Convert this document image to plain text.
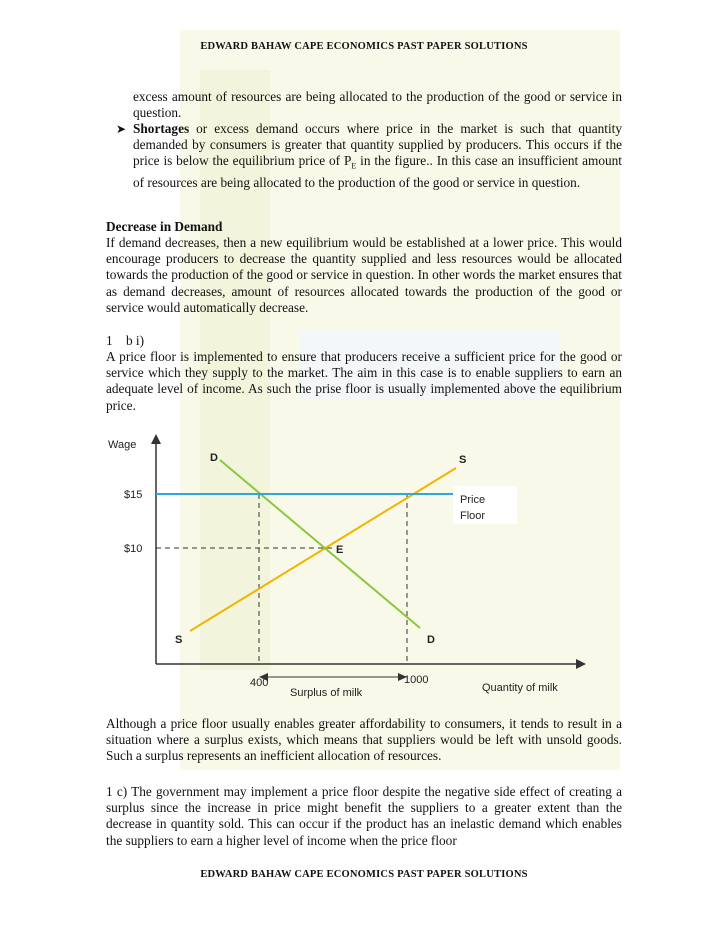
EDWARD BAHAW CAPE ECONOMICS PAST PAPER SOLUTIONS
excess amount of resources are being allocated to the production of the good or service in question.
➤ Shortages or excess demand occurs where price in the market is such that quantity demanded by consumers is greater that quantity supplied by producers. This occurs if the price is below the equilibrium price of $P_E$ in the figure.. In this case an insufficient amount of resources are being allocated to the production of the good or service in question.
Decrease in Demand
If demand decreases, then a new equilibrium would be established at a lower price. This would encourage producers to decrease the quantity supplied and less resources would be allocated towards the production of the good or service in question. In other words the market ensures that as demand decreases, amount of resources allocated towards the production of the good or service would automatically decrease.
1    b i)
A price floor is implemented to ensure that producers receive a sufficient price for the good or service which they supply to the market. The aim in this case is to enable suppliers to earn an adequate level of income. As such the prise floor is usually implemented above the equilibrium price.
Price
Floor
Wage
$15
$10
400	1000
Quantity of milk
Surplus of milk
D
D
S
S
E
Although a price floor usually enables greater affordability to consumers, it tends to result in a situation where a surplus exists, which means that suppliers would be left with unsold goods. Such a surplus represents an inefficient allocation of resources.
1 c) The government may implement a price floor despite the negative side effect of creating a surplus since the increase in price might benefit the suppliers to a greater extent than the decrease in quantity sold. This can occur if the product has an inelastic demand which enables the suppliers to earn a higher level of income when the price floor
EDWARD BAHAW CAPE ECONOMICS PAST PAPER SOLUTIONS
